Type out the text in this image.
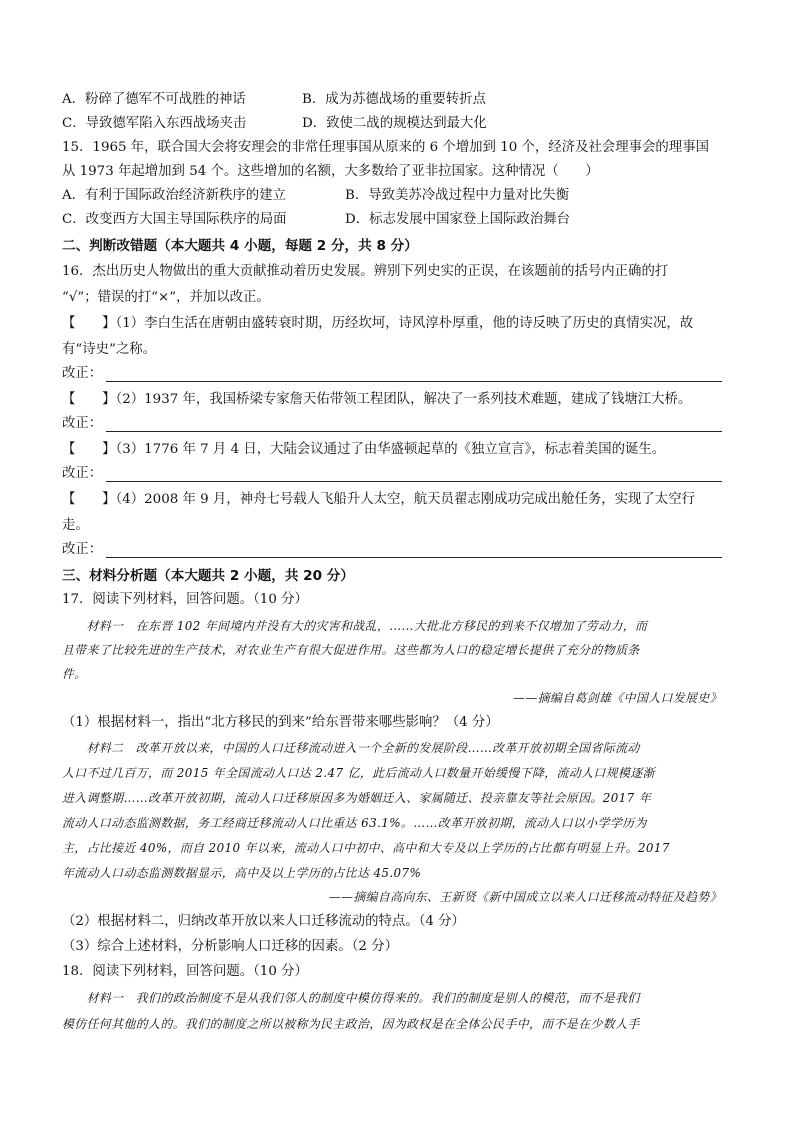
A．粉碎了德军不可战胜的神话	B．成为苏德战场的重要转折点
C．导致德军陷入东西战场夹击	D．致使二战的规模达到最大化
15．1965 年，联合国大会将安理会的非常任理事国从原来的 6 个增加到 10 个，经济及社会理事会的理事国
从 1973 年起增加到 54 个。这些增加的名额，大多数给了亚非拉国家。这种情况（　　）
A．有利于国际政治经济新秩序的建立	B．导致美苏冷战过程中力量对比失衡
C．改变西方大国主导国际秩序的局面	D．标志发展中国家登上国际政治舞台
二、判断改错题（本大题共 4 小题，每题 2 分，共 8 分）
16．杰出历史人物做出的重大贡献推动着历史发展。辨别下列史实的正误，在该题前的括号内正确的打
“√”；错误的打“×”，并加以改正。
【　　】（1）李白生活在唐朝由盛转衰时期，历经坎坷，诗风淳朴厚重，他的诗反映了历史的真情实况，故
有“诗史”之称。
改正：
【　　】（2）1937 年，我国桥梁专家詹天佑带领工程团队，解决了一系列技术难题，建成了钱塘江大桥。
改正：
【　　】（3）1776 年 7 月 4 日，大陆会议通过了由华盛顿起草的《独立宣言》，标志着美国的诞生。
改正：
【　　】（4）2008 年 9 月，神舟七号载人飞船升人太空，航天员翟志刚成功完成出舱任务，实现了太空行
走。
改正：
三、材料分析题（本大题共 2 小题，共 20 分）
17．阅读下列材料，回答问题。（10 分）
　　材料一　在东晋 102 年间境内并没有大的灾害和战乱，……大批北方移民的到来不仅增加了劳动力，而
且带来了比较先进的生产技术，对农业生产有很大促进作用。这些都为人口的稳定增长提供了充分的物质条
件。
——摘编自葛剑雄《中国人口发展史》
（1）根据材料一，指出“北方移民的到来”给东晋带来哪些影响？（4 分）
　　材料二　改革开放以来，中国的人口迁移流动进入一个全新的发展阶段……改革开放初期全国省际流动
人口不过几百万，而 2015 年全国流动人口达 2.47 亿，此后流动人口数量开始缓慢下降，流动人口规模逐渐
进入调整期……改革开放初期，流动人口迁移原因多为婚姻迁入、家属随迁、投亲靠友等社会原因。2017 年
流动人口动态监测数据，务工经商迁移流动人口比重达 63.1%。……改革开放初期，流动人口以小学学历为
主，占比接近 40%，而自 2010 年以来，流动人口中初中、高中和大专及以上学历的占比都有明显上升。2017
年流动人口动态监测数据显示，高中及以上学历的占比达 45.07%
——摘编自高向东、王新贤《新中国成立以来人口迁移流动特征及趋势》
（2）根据材料二，归纳改革开放以来人口迁移流动的特点。（4 分）
（3）综合上述材料，分析影响人口迁移的因素。（2 分）
18．阅读下列材料，回答问题。（10 分）
　　材料一　我们的政治制度不是从我们邻人的制度中模仿得来的。我们的制度是别人的模范，而不是我们
模仿任何其他的人的。我们的制度之所以被称为民主政治，因为政权是在全体公民手中，而不是在少数人手
